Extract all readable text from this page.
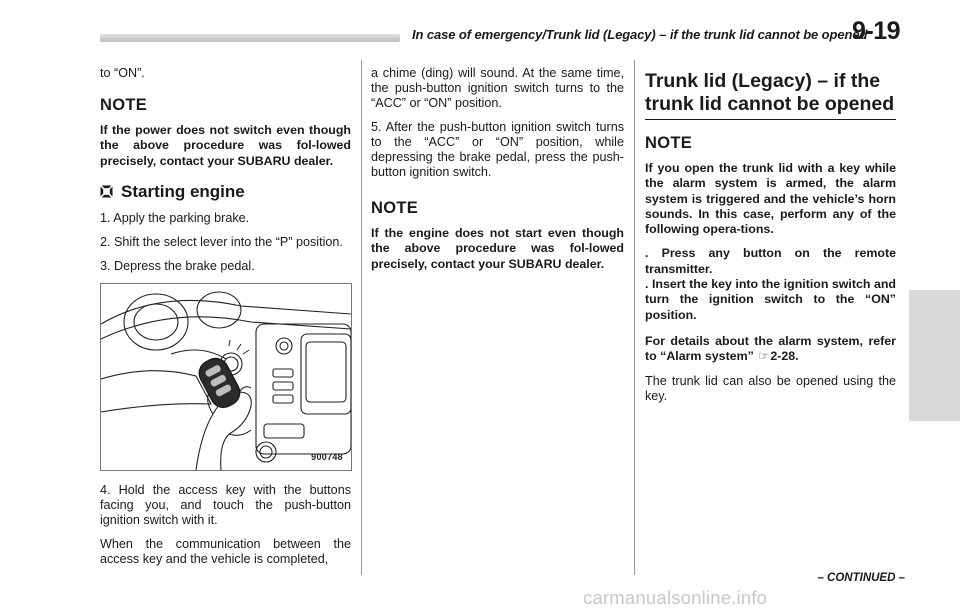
In case of emergency/Trunk lid (Legacy) – if the trunk lid cannot be opened
9-19

to “ON”.

NOTE
If the power does not switch even though the above procedure was fol-lowed precisely, contact your SUBARU dealer.
Starting engine

1. Apply the parking brake.

2. Shift the select lever into the “P” position.

3. Depress the brake pedal.

900748

4. Hold the access key with the buttons facing you, and touch the push-button ignition switch with it.

When the communication between the access key and the vehicle is completed,

a chime (ding) will sound. At the same time, the push-button ignition switch turns to the “ACC” or “ON” position.

5. After the push-button ignition switch turns to the “ACC” or “ON” position, while depressing the brake pedal, press the push-button ignition switch.

NOTE
If the engine does not start even though the above procedure was fol-lowed precisely, contact your SUBARU dealer.
Trunk lid (Legacy) – if the
trunk lid cannot be opened
NOTE
If you open the trunk lid with a key while the alarm system is armed, the alarm system is triggered and the vehicle’s horn sounds. In this case, perform any of the following opera-tions.
. Press any button on the remote transmitter.
. Insert the key into the ignition switch and turn the ignition switch to the “ON” position.
For details about the alarm system, refer to “Alarm system” ☞2-28.

The trunk lid can also be opened using the key.

– CONTINUED –
carmanualsonline.info
